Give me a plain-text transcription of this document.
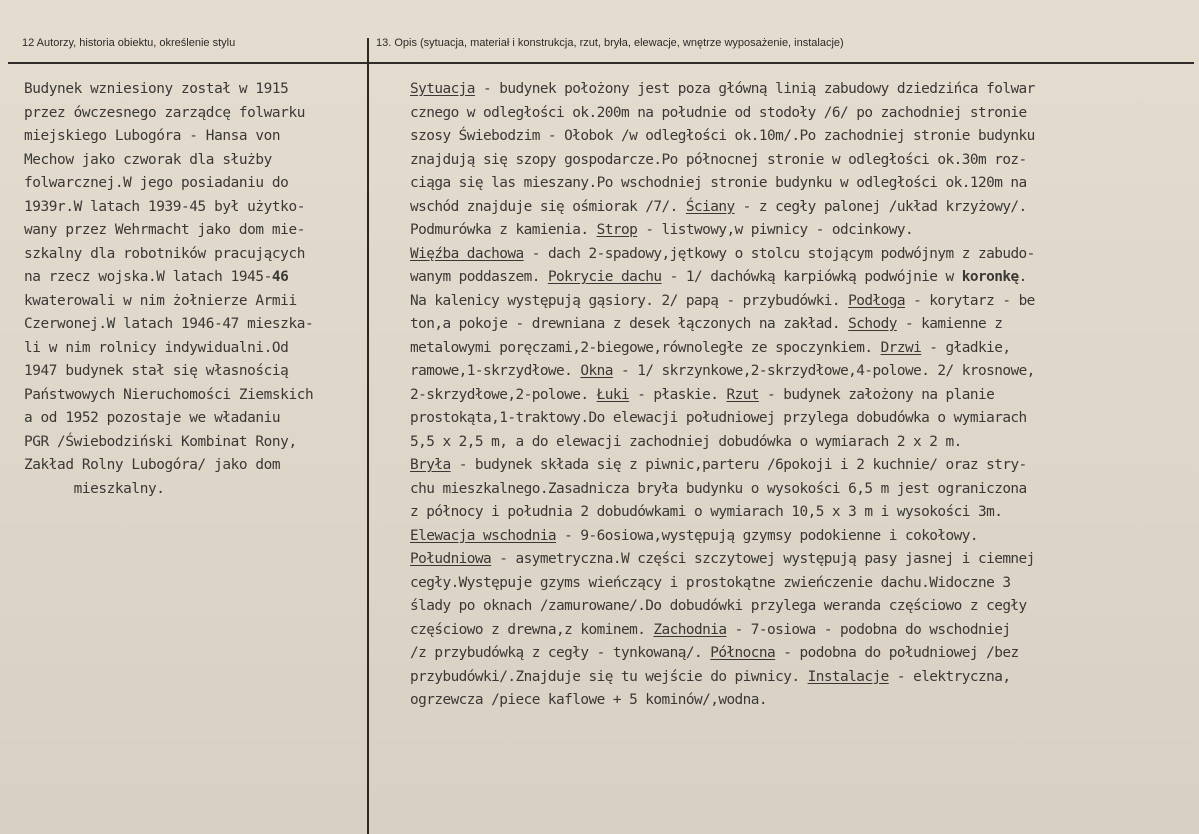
12 Autorzy, historia obiektu, określenie stylu	13. Opis (sytuacja, materiał i konstrukcja, rzut, bryła, elewacje, wnętrze wyposażenie, instalacje)
Budynek wzniesiony został w 1915
przez ówczesnego zarządcę folwarku
miejskiego Lubogóra - Hansa von
Mechow jako czworak dla służby
folwarcznej.W jego posiadaniu do
1939r.W latach 1939-45 był użytko-
wany przez Wehrmacht jako dom mie-
szkalny dla robotników pracujących
na rzecz wojska.W latach 1945-46
kwaterowali w nim żołnierze Armii
Czerwonej.W latach 1946-47 mieszka-
li w nim rolnicy indywidualni.Od
1947 budynek stał się własnością
Państwowych Nieruchomości Ziemskich
a od 1952 pozostaje we władaniu
PGR /Świebodziński Kombinat Rony,
Zakład Rolny Lubogóra/ jako dom
mieszkalny.
Sytuacja - budynek położony jest poza główną linią zabudowy dziedzińca folwar
cznego w odległości ok.200m na południe od stodoły /6/ po zachodniej stronie
szosy Świebodzim - Ołobok /w odległości ok.10m/.Po zachodniej stronie budynku
znajdują się szopy gospodarcze.Po północnej stronie w odległości ok.30m roz-
ciąga się las mieszany.Po wschodniej stronie budynku w odległości ok.120m na
wschód znajduje się ośmiorak /7/. Ściany - z cegły palonej /układ krzyżowy/.
Podmurówka z kamienia. Strop - listwowy,w piwnicy - odcinkowy.
Więźba dachowa - dach 2-spadowy,jętkowy o stolcu stojącym podwójnym z zabudo-
wanym poddaszem. Pokrycie dachu - 1/ dachówką karpiówką podwójnie w koronkę.
Na kalenicy występują gąsiory. 2/ papą - przybudówki. Podłoga - korytarz - be
ton,a pokoje - drewniana z desek łączonych na zakład. Schody - kamienne z
metalowymi poręczami,2-biegowe,równoległe ze spoczynkiem. Drzwi - gładkie,
ramowe,1-skrzydłowe. Okna - 1/ skrzynkowe,2-skrzydłowe,4-polowe. 2/ krosnowe,
2-skrzydłowe,2-polowe. Łuki - płaskie. Rzut - budynek założony na planie
prostokąta,1-traktowy.Do elewacji południowej przylega dobudówka o wymiarach
5,5 x 2,5 m, a do elewacji zachodniej dobudówka o wymiarach 2 x 2 m.
Bryła - budynek składa się z piwnic,parteru /6pokoji i 2 kuchnie/ oraz stry-
chu mieszkalnego.Zasadnicza bryła budynku o wysokości 6,5 m jest ograniczona
z północy i południa 2 dobudówkami o wymiarach 10,5 x 3 m i wysokości 3m.
Elewacja wschodnia - 9-6osiowa,występują gzymsy podokienne i cokołowy.
Południowa - asymetryczna.W części szczytowej występują pasy jasnej i ciemnej
cegły.Występuje gzyms wieńczący i prostokątne zwieńczenie dachu.Widoczne 3
ślady po oknach /zamurowane/.Do dobudówki przylega weranda częściowo z cegły
częściowo z drewna,z kominem. Zachodnia - 7-osiowa - podobna do wschodniej
/z przybudówką z cegły - tynkowaną/. Północna - podobna do południowej /bez
przybudówki/.Znajduje się tu wejście do piwnicy. Instalacje - elektryczna,
ogrzewcza /piece kaflowe + 5 kominów/,wodna.
